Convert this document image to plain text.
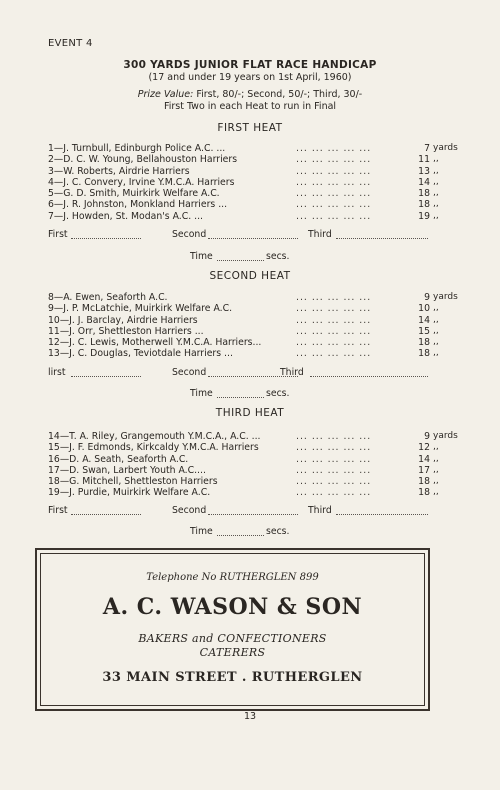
EVENT 4
300 YARDS JUNIOR FLAT RACE HANDICAP
(17 and under 19 years on 1st April, 1960)
Prize Value: First, 80/-; Second, 50/-; Third, 30/-
First Two in each Heat to run in Final
FIRST HEAT
1—J. Turnbull, Edinburgh Police A.C. ...	... ... ... ... ...	7 yards
2—D. C. W. Young, Bellahouston Harriers	... ... ... ... ...	11 ,,
3—W. Roberts, Airdrie Harriers	... ... ... ... ...	13 ,,
4—J. C. Convery, Irvine Y.M.C.A. Harriers	... ... ... ... ...	14 ,,
5—G. D. Smith, Muirkirk Welfare A.C.	... ... ... ... ...	18 ,,
6—J. R. Johnston, Monkland Harriers ...	... ... ... ... ...	18 ,,
7—J. Howden, St. Modan's A.C. ...	... ... ... ... ...	19 ,,
First	Second	Third
Time	secs.
SECOND HEAT
8—A. Ewen, Seaforth A.C.	... ... ... ... ...	9 yards
9—J. P. McLatchie, Muirkirk Welfare A.C.	... ... ... ... ...	10 ,,
10—J. J. Barclay, Airdrie Harriers	... ... ... ... ...	14 ,,
11—J. Orr, Shettleston Harriers ...	... ... ... ... ...	15 ,,
12—J. C. Lewis, Motherwell Y.M.C.A. Harriers...	... ... ... ... ...	18 ,,
13—J. C. Douglas, Teviotdale Harriers ...	... ... ... ... ...	18 ,,
lirst	Second	Third
Time	secs.
THIRD HEAT
14—T. A. Riley, Grangemouth Y.M.C.A., A.C. ...	... ... ... ... ...	9 yards
15—J. F. Edmonds, Kirkcaldy Y.M.C.A. Harriers	... ... ... ... ...	12 ,,
16—D. A. Seath, Seaforth A.C.	... ... ... ... ...	14 ,,
17—D. Swan, Larbert Youth A.C....	... ... ... ... ...	17 ,,
18—G. Mitchell, Shettleston Harriers	... ... ... ... ...	18 ,,
19—J. Purdie, Muirkirk Welfare A.C.	... ... ... ... ...	18 ,,
First	Second	Third
Time	secs.
Telephone No RUTHERGLEN 899
A. C. WASON & SON
BAKERS and CONFECTIONERS
CATERERS
33 MAIN STREET . RUTHERGLEN
13
